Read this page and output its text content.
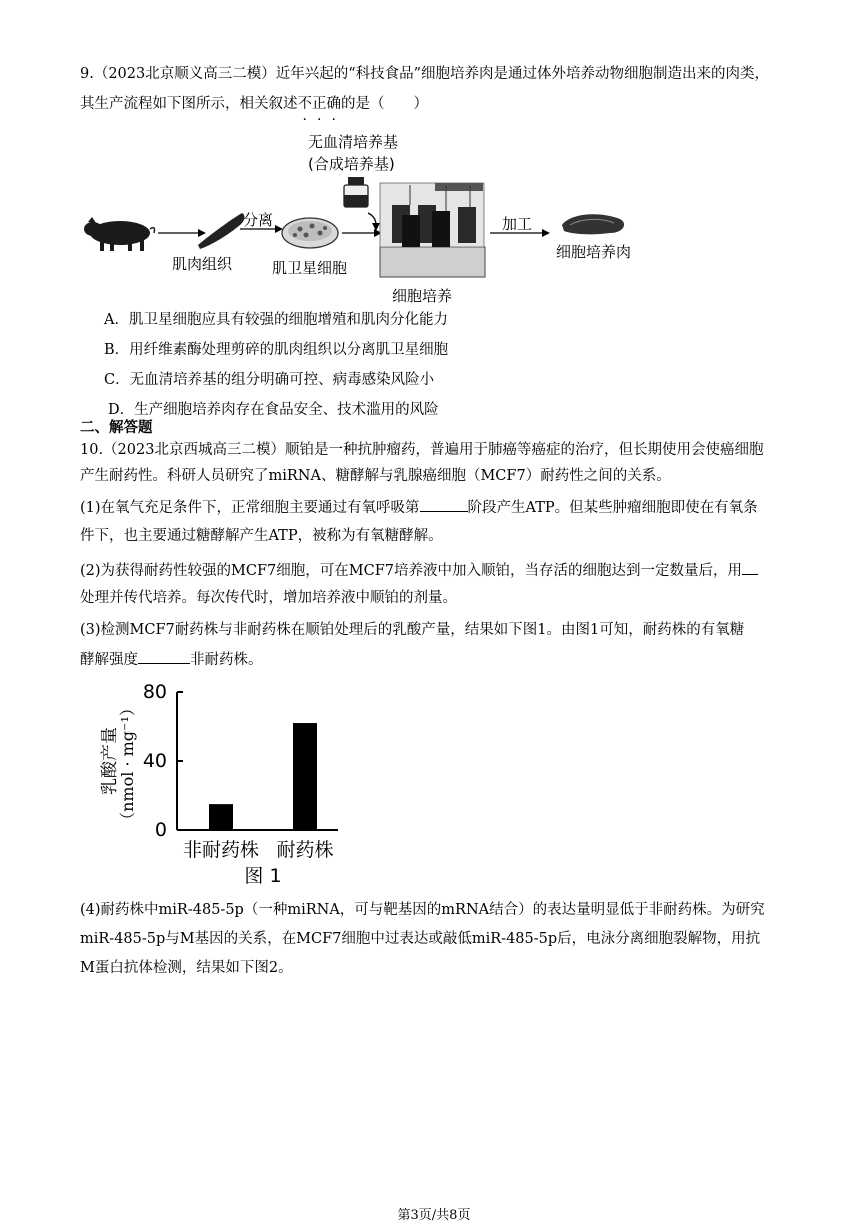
9.（2023北京顺义高三二模）近年兴起的“科技食品”细胞培养肉是通过体外培养动物细胞制造出来的肉类，
其生产流程如下图所示，相关叙述不正确的是（　　）
分离
无血清培养基
(合成培养基)
加工
肌肉组织	肌卫星细胞
细胞培养
细胞培养肉
A．肌卫星细胞应具有较强的细胞增殖和肌肉分化能力
B．用纤维素酶处理剪碎的肌肉组织以分离肌卫星细胞
C．无血清培养基的组分明确可控、病毒感染风险小
D．生产细胞培养肉存在食品安全、技术滥用的风险
二、解答题
10.（2023北京西城高三二模）顺铂是一种抗肿瘤药，普遍用于肺癌等癌症的治疗，但长期使用会使癌细胞
产生耐药性。科研人员研究了miRNA、糖酵解与乳腺癌细胞（MCF7）耐药性之间的关系。
(1)在氧气充足条件下，正常细胞主要通过有氧呼吸第	阶段产生ATP。但某些肿瘤细胞即使在有氧条
件下，也主要通过糖酵解产生ATP，被称为有氧糖酵解。
(2)为获得耐药性较强的MCF7细胞，可在MCF7培养液中加入顺铂，当存活的细胞达到一定数量后，用
处理并传代培养。每次传代时，增加培养液中顺铂的剂量。
(3)检测MCF7耐药株与非耐药株在顺铂处理后的乳酸产量，结果如下图1。由图1可知，耐药株的有氧糖
酵解强度	非耐药株。
0
40
80
非耐药株 耐药株
乳酸产量
（nmol · mg⁻¹）
图 1
(4)耐药株中miR-485-5p（一种miRNA，可与靶基因的mRNA结合）的表达量明显低于非耐药株。为研究
miR-485-5p与M基因的关系，在MCF7细胞中过表达或敲低miR-485-5p后，电泳分离细胞裂解物，用抗
M蛋白抗体检测，结果如下图2。
第3页/共8页
